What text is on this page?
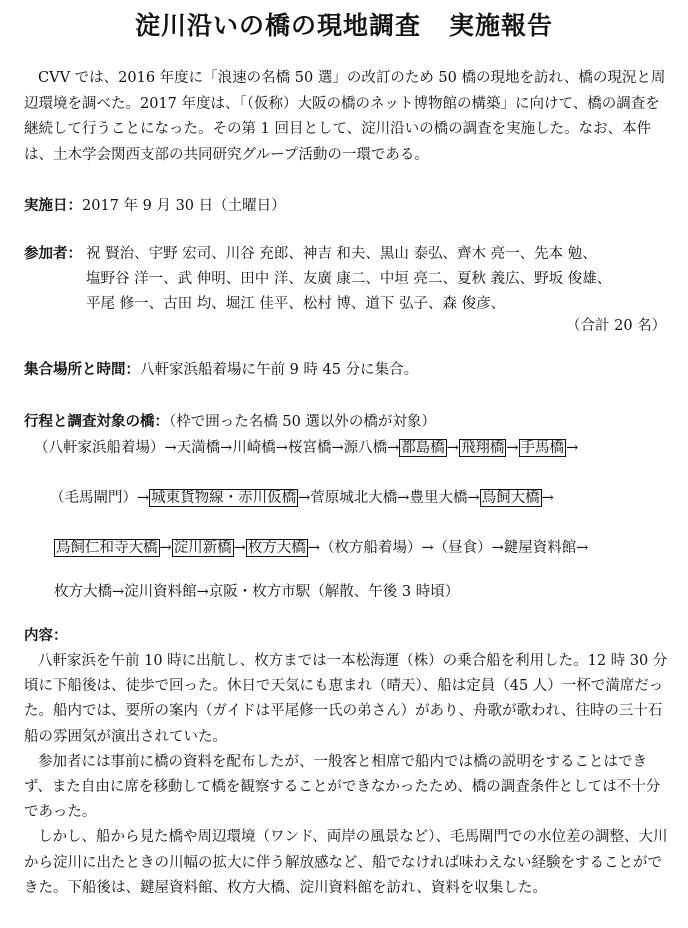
淀川沿いの橋の現地調査 実施報告

CVV では、2016 年度に「浪速の名橋 50 選」の改訂のため 50 橋の現地を訪れ、橋の現況と周辺環境を調べた。2017 年度は、「（仮称）大阪の橋のネット博物館の構築」に向けて、橋の調査を継続して行うことになった。その第 1 回目として、淀川沿いの橋の調査を実施した。なお、本件は、土木学会関西支部の共同研究グループ活動の一環である。

実施日：2017 年 9 月 30 日（土曜日）
参加者： 祝 賢治、宇野 宏司、川谷 充郎、神吉 和夫、黒山 泰弘、齊木 亮一、先本 勉、
塩野谷 洋一、武 伸明、田中 洋、友廣 康二、中垣 亮二、夏秋 義広、野坂 俊雄、
平尾 修一、古田 均、堀江 佳平、松村 博、道下 弘子、森 俊彦、
（合計 20 名）
集合場所と時間：八軒家浜船着場に午前 9 時 45 分に集合。
行程と調査対象の橋：（枠で囲った名橋 50 選以外の橋が対象）
（八軒家浜船着場）→天満橋→川崎橋→桜宮橋→源八橋→ 都島橋 → 飛翔橋 → 手馬橋 →
（毛馬閘門）→ 城東貨物線・赤川仮橋 →菅原城北大橋→豊里大橋→ 鳥飼大橋 →
鳥飼仁和寺大橋 → 淀川新橋 → 枚方大橋 →（枚方船着場）→（昼食）→鍵屋資料館→
枚方大橋→淀川資料館→京阪・枚方市駅（解散、午後 3 時頃）
内容：

八軒家浜を午前 10 時に出航し、枚方までは一本松海運（株）の乗合船を利用した。12 時 30 分頃に下船後は、徒歩で回った。休日で天気にも恵まれ（晴天）、船は定員（45 人）一杯で満席だった。船内では、要所の案内（ガイドは平尾修一氏の弟さん）があり、舟歌が歌われ、往時の三十石船の雰囲気が演出されていた。

参加者には事前に橋の資料を配布したが、一般客と相席で船内では橋の説明をすることはできず、また自由に席を移動して橋を観察することができなかったため、橋の調査条件としては不十分であった。

しかし、船から見た橋や周辺環境（ワンド、両岸の風景など）、毛馬閘門での水位差の調整、大川から淀川に出たときの川幅の拡大に伴う解放感など、船でなければ味わえない経験をすることができた。下船後は、鍵屋資料館、枚方大橋、淀川資料館を訪れ、資料を収集した。
